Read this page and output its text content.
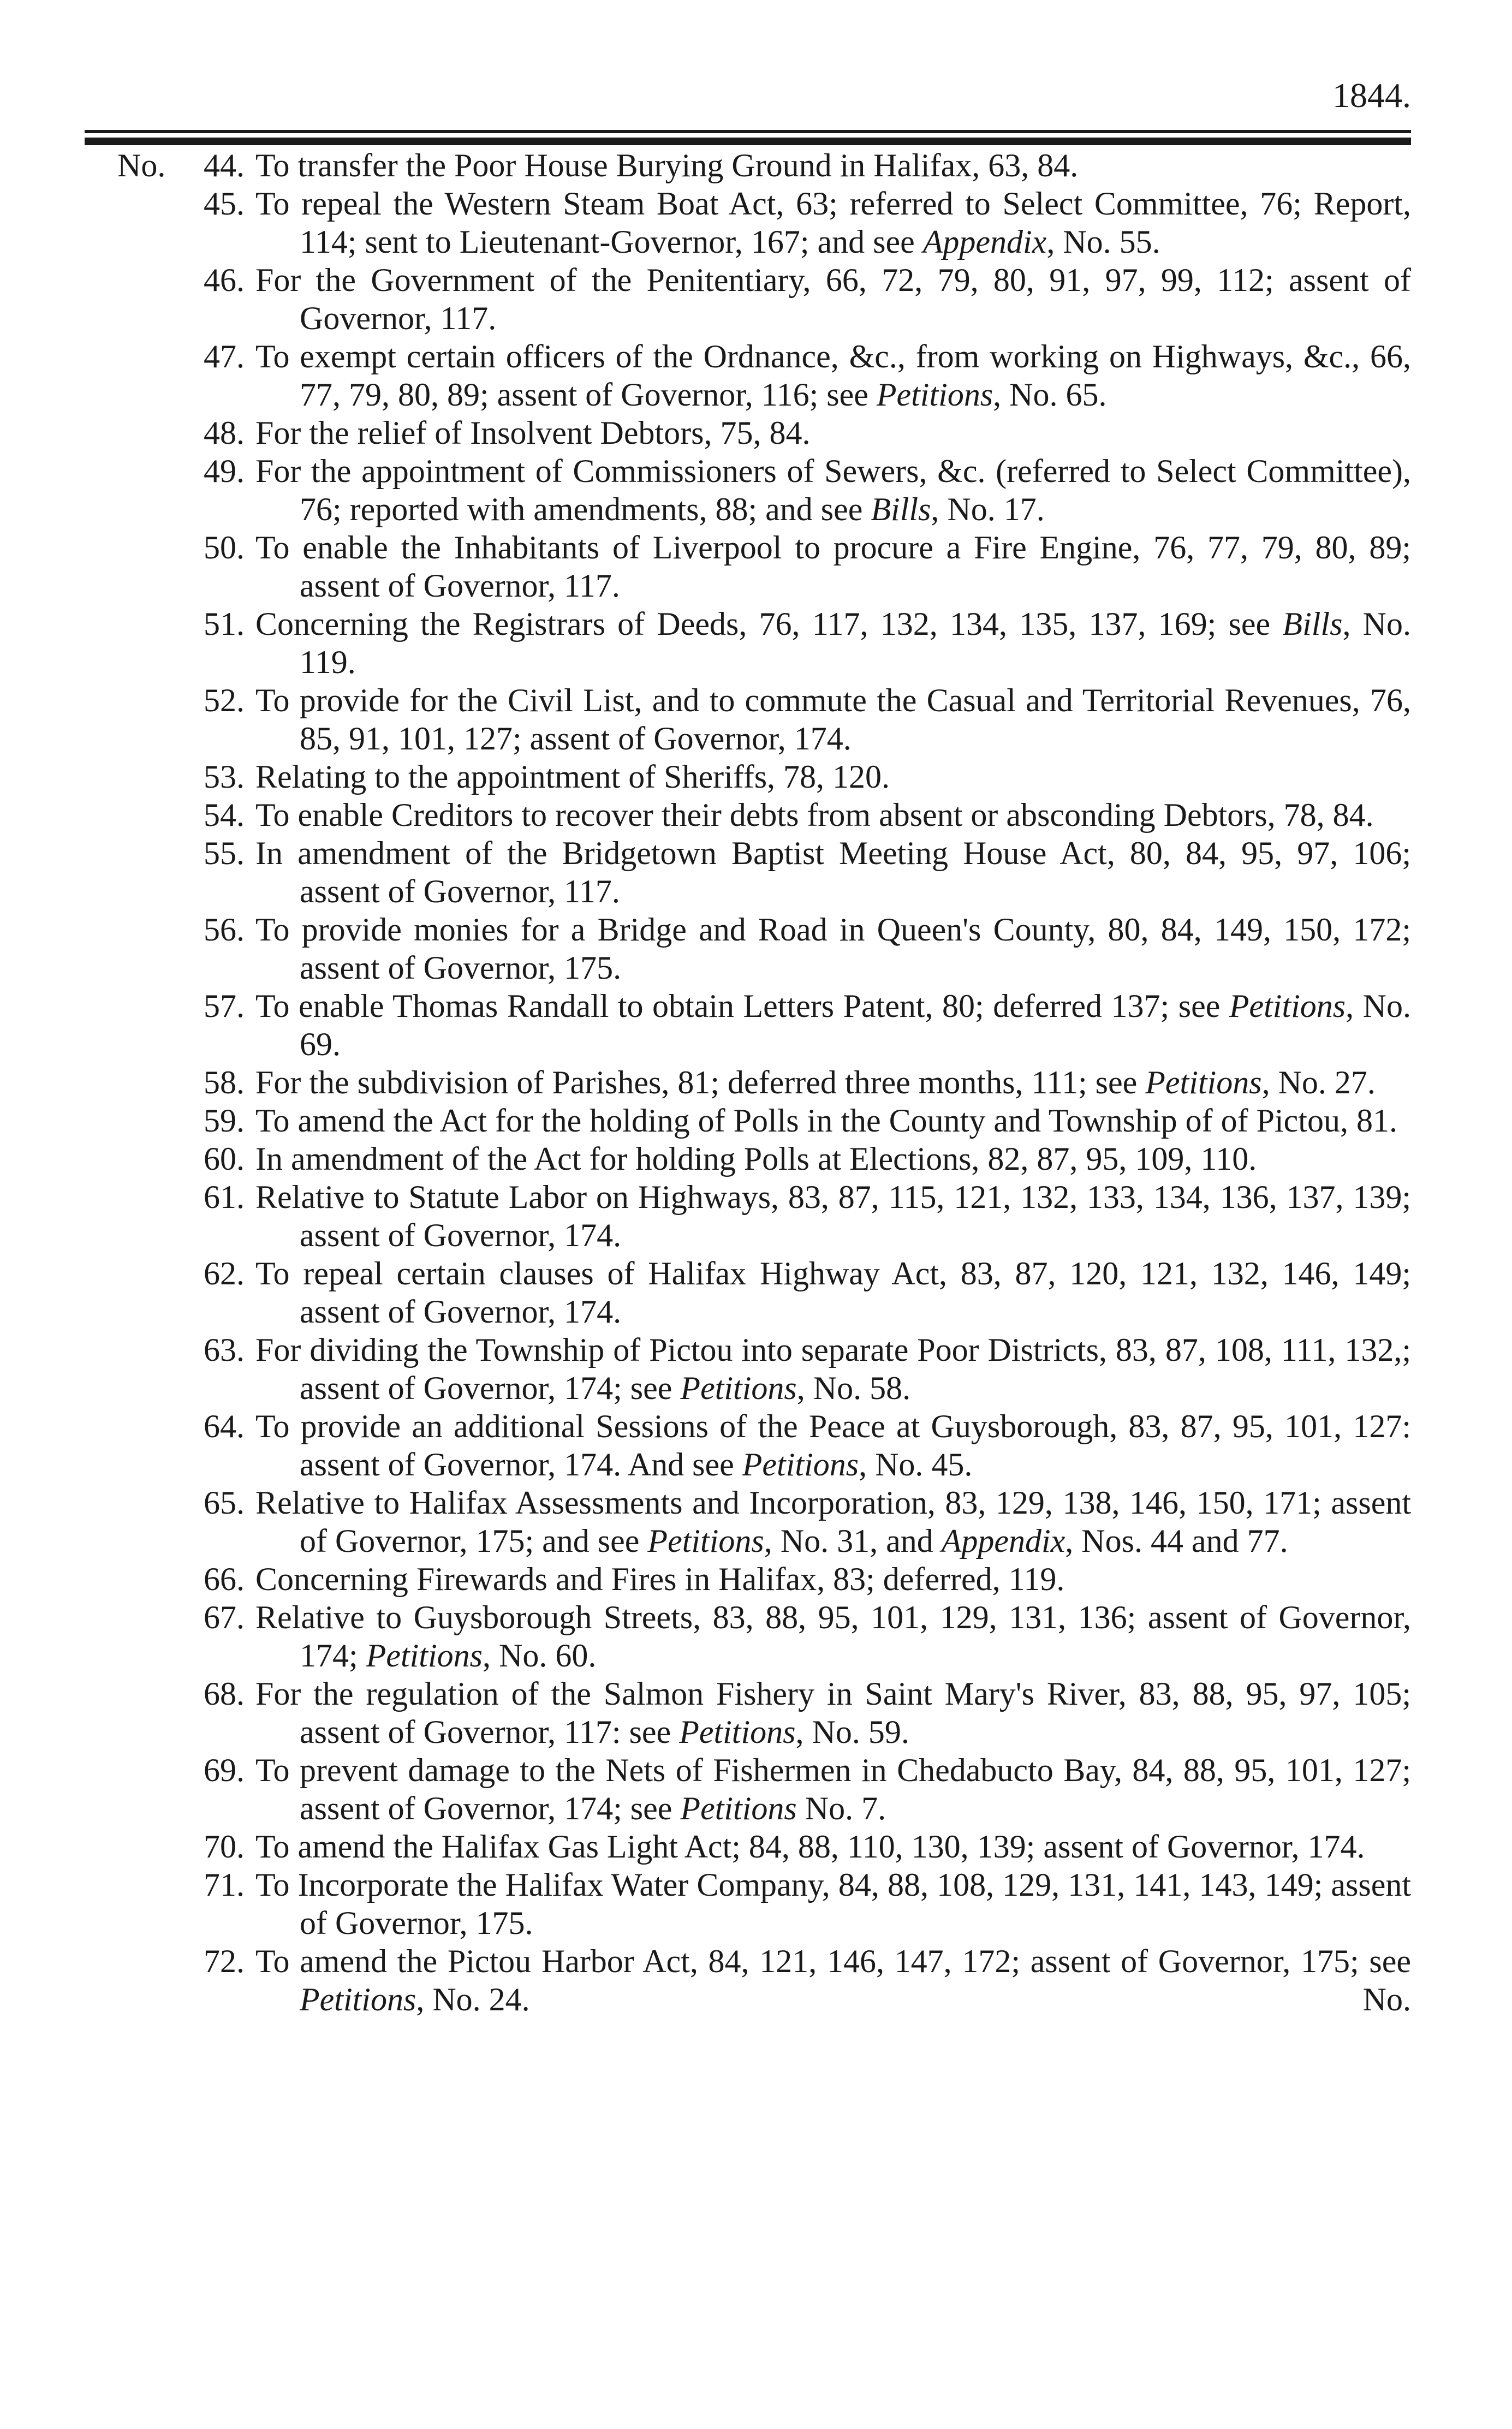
1844.
No. 44. To transfer the Poor House Burying Ground in Halifax, 63, 84.
45. To repeal the Western Steam Boat Act, 63; referred to Select Committee, 76; Report, 114; sent to Lieutenant-Governor, 167; and see Appendix, No. 55.
46. For the Government of the Penitentiary, 66, 72, 79, 80, 91, 97, 99, 112; assent of Governor, 117.
47. To exempt certain officers of the Ordnance, &c., from working on Highways, &c., 66, 77, 79, 80, 89; assent of Governor, 116; see Petitions, No. 65.
48. For the relief of Insolvent Debtors, 75, 84.
49. For the appointment of Commissioners of Sewers, &c. (referred to Select Committee), 76; reported with amendments, 88; and see Bills, No. 17.
50. To enable the Inhabitants of Liverpool to procure a Fire Engine, 76, 77, 79, 80, 89; assent of Governor, 117.
51. Concerning the Registrars of Deeds, 76, 117, 132, 134, 135, 137, 169; see Bills, No. 119.
52. To provide for the Civil List, and to commute the Casual and Territorial Revenues, 76, 85, 91, 101, 127; assent of Governor, 174.
53. Relating to the appointment of Sheriffs, 78, 120.
54. To enable Creditors to recover their debts from absent or absconding Debtors, 78, 84.
55. In amendment of the Bridgetown Baptist Meeting House Act, 80, 84, 95, 97, 106; assent of Governor, 117.
56. To provide monies for a Bridge and Road in Queen's County, 80, 84, 149, 150, 172; assent of Governor, 175.
57. To enable Thomas Randall to obtain Letters Patent, 80; deferred 137; see Petitions, No. 69.
58. For the subdivision of Parishes, 81; deferred three months, 111; see Petitions, No. 27.
59. To amend the Act for the holding of Polls in the County and Township of of Pictou, 81.
60. In amendment of the Act for holding Polls at Elections, 82, 87, 95, 109, 110.
61. Relative to Statute Labor on Highways, 83, 87, 115, 121, 132, 133, 134, 136, 137, 139; assent of Governor, 174.
62. To repeal certain clauses of Halifax Highway Act, 83, 87, 120, 121, 132, 146, 149; assent of Governor, 174.
63. For dividing the Township of Pictou into separate Poor Districts, 83, 87, 108, 111, 132,; assent of Governor, 174; see Petitions, No. 58.
64. To provide an additional Sessions of the Peace at Guysborough, 83, 87, 95, 101, 127: assent of Governor, 174. And see Petitions, No. 45.
65. Relative to Halifax Assessments and Incorporation, 83, 129, 138, 146, 150, 171; assent of Governor, 175; and see Petitions, No. 31, and Appendix, Nos. 44 and 77.
66. Concerning Firewards and Fires in Halifax, 83; deferred, 119.
67. Relative to Guysborough Streets, 83, 88, 95, 101, 129, 131, 136; assent of Governor, 174; Petitions, No. 60.
68. For the regulation of the Salmon Fishery in Saint Mary's River, 83, 88, 95, 97, 105; assent of Governor, 117: see Petitions, No. 59.
69. To prevent damage to the Nets of Fishermen in Chedabucto Bay, 84, 88, 95, 101, 127; assent of Governor, 174; see Petitions No. 7.
70. To amend the Halifax Gas Light Act; 84, 88, 110, 130, 139; assent of Governor, 174.
71. To Incorporate the Halifax Water Company, 84, 88, 108, 129, 131, 141, 143, 149; assent of Governor, 175.
72. To amend the Pictou Harbor Act, 84, 121, 146, 147, 172; assent of Governor, 175; see Petitions, No. 24.	No.
